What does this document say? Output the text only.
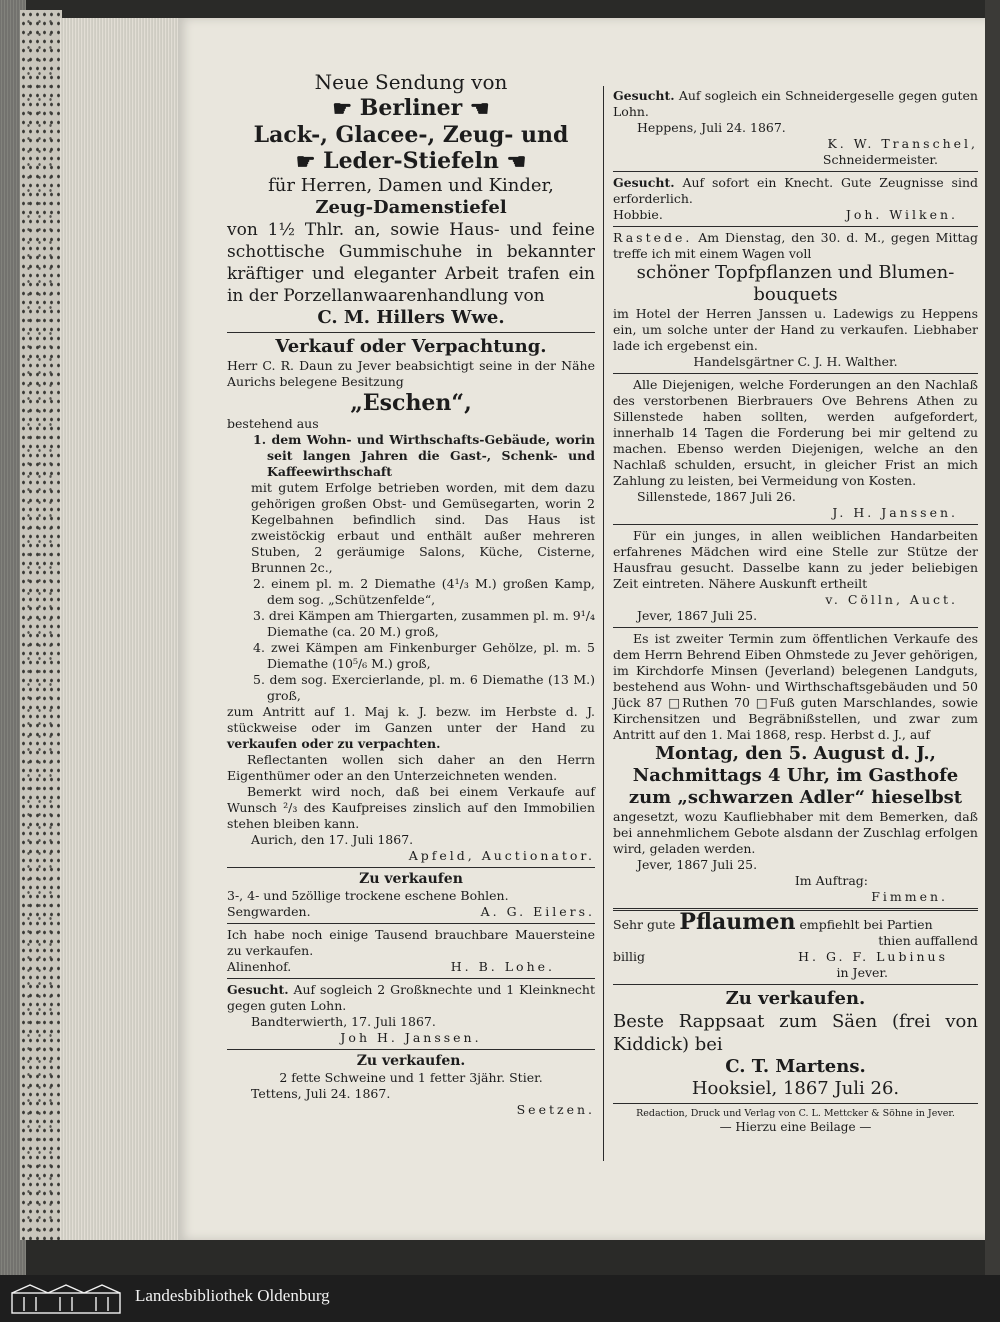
Neue Sendung von

☛ Berliner ☚

Lack-, Glacee-, Zeug- und

☛ Leder-Stiefeln ☚

für Herren, Damen und Kinder,

Zeug-Damenstiefel

von 1½ Thlr. an, sowie Haus- und feine schottische Gummischuhe in bekannter kräftiger und eleganter Arbeit trafen ein in der Porzellanwaarenhandlung von

C. M. Hillers Wwe.

Verkauf oder Verpachtung.

Herr C. R. Daun zu Jever beabsichtigt seine in der Nähe Aurichs belegene Besitzung

„Eschen“,

bestehend aus

1. dem Wohn- und Wirthschafts-Gebäude, worin seit langen Jahren die Gast-, Schenk- und Kaffeewirthschaft

mit gutem Erfolge betrieben worden, mit dem dazu gehörigen großen Obst- und Gemüsegarten, worin 2 Kegelbahnen befindlich sind. Das Haus ist zweistöckig erbaut und enthält außer mehreren Stuben, 2 geräumige Salons, Küche, Cisterne, Brunnen 2c.,

2. einem pl. m. 2 Diemathe (4¹/₃ M.) großen Kamp, dem sog. „Schützenfelde“,

3. drei Kämpen am Thiergarten, zusammen pl. m. 9¹/₄ Diemathe (ca. 20 M.) groß,

4. zwei Kämpen am Finkenburger Gehölze, pl. m. 5 Diemathe (10⁵/₆ M.) groß,

5. dem sog. Exercierlande, pl. m. 6 Diemathe (13 M.) groß,

zum Antritt auf 1. Maj k. J. bezw. im Herbste d. J. stückweise oder im Ganzen unter der Hand zu verkaufen oder zu verpachten.

Reflectanten wollen sich daher an den Herrn Eigenthümer oder an den Unterzeichneten wenden.

Bemerkt wird noch, daß bei einem Verkaufe auf Wunsch ²/₃ des Kaufpreises zinslich auf den Immobilien stehen bleiben kann.

Aurich, den 17. Juli 1867.

Apfeld, Auctionator.

Zu verkaufen

3-, 4- und 5zöllige trockene eschene Bohlen.

Sengwarden.	A. G. Eilers.

Ich habe noch einige Tausend brauchbare Mauersteine zu verkaufen.

Alinenhof.	H. B. Lohe.

Gesucht. Auf sogleich 2 Großknechte und 1 Kleinknecht gegen guten Lohn.

Bandterwierth, 17. Juli 1867.

Joh H. Janssen.

Zu verkaufen.

2 fette Schweine und 1 fetter 3jähr. Stier.

Tettens, Juli 24. 1867.

Seetzen.

Gesucht. Auf sogleich ein Schneidergeselle gegen guten Lohn.

Heppens, Juli 24. 1867.

K. W. Transchel,

Schneidermeister.

Gesucht. Auf sofort ein Knecht. Gute Zeugnisse sind erforderlich.

Hobbie.	Joh. Wilken.

Rastede. Am Dienstag, den 30. d. M., gegen Mittag treffe ich mit einem Wagen voll

schöner Topfpflanzen und Blumen-

bouquets

im Hotel der Herren Janssen u. Ladewigs zu Heppens ein, um solche unter der Hand zu verkaufen. Liebhaber lade ich ergebenst ein.

Handelsgärtner C. J. H. Walther.

Alle Diejenigen, welche Forderungen an den Nachlaß des verstorbenen Bierbrauers Ove Behrens Athen zu Sillenstede haben sollten, werden aufgefordert, innerhalb 14 Tagen die Forderung bei mir geltend zu machen. Ebenso werden Diejenigen, welche an den Nachlaß schulden, ersucht, in gleicher Frist an mich Zahlung zu leisten, bei Vermeidung von Kosten.

Sillenstede, 1867 Juli 26.

J. H. Janssen.

Für ein junges, in allen weiblichen Handarbeiten erfahrenes Mädchen wird eine Stelle zur Stütze der Hausfrau gesucht. Dasselbe kann zu jeder beliebigen Zeit eintreten. Nähere Auskunft ertheilt

v. Cölln, Auct.

Jever, 1867 Juli 25.

Es ist zweiter Termin zum öffentlichen Verkaufe des dem Herrn Behrend Eiben Ohmstede zu Jever gehörigen, im Kirchdorfe Minsen (Jeverland) belegenen Landguts, bestehend aus Wohn- und Wirthschaftsgebäuden und 50 Jück 87 □Ruthen 70 □Fuß guten Marschlandes, sowie Kirchensitzen und Begräbnißstellen, und zwar zum Antritt auf den 1. Mai 1868, resp. Herbst d. J., auf

Montag, den 5. August d. J.,

Nachmittags 4 Uhr, im Gasthofe

zum „schwarzen Adler“ hieselbst

angesetzt, wozu Kaufliebhaber mit dem Bemerken, daß bei annehmlichem Gebote alsdann der Zuschlag erfolgen wird, geladen werden.

Jever, 1867 Juli 25.

Im Auftrag:

Fimmen.

Sehr gute Pflaumen empfiehlt bei Partien

thien auffallend

billig	H. G. F. Lubinus

in Jever.

Zu verkaufen.

Beste Rappsaat zum Säen (frei von Kiddick) bei

C. T. Martens.

Hooksiel, 1867 Juli 26.

Redaction, Druck und Verlag von C. L. Mettcker & Söhne in Jever.

— Hierzu eine Beilage —

Landesbibliothek Oldenburg
